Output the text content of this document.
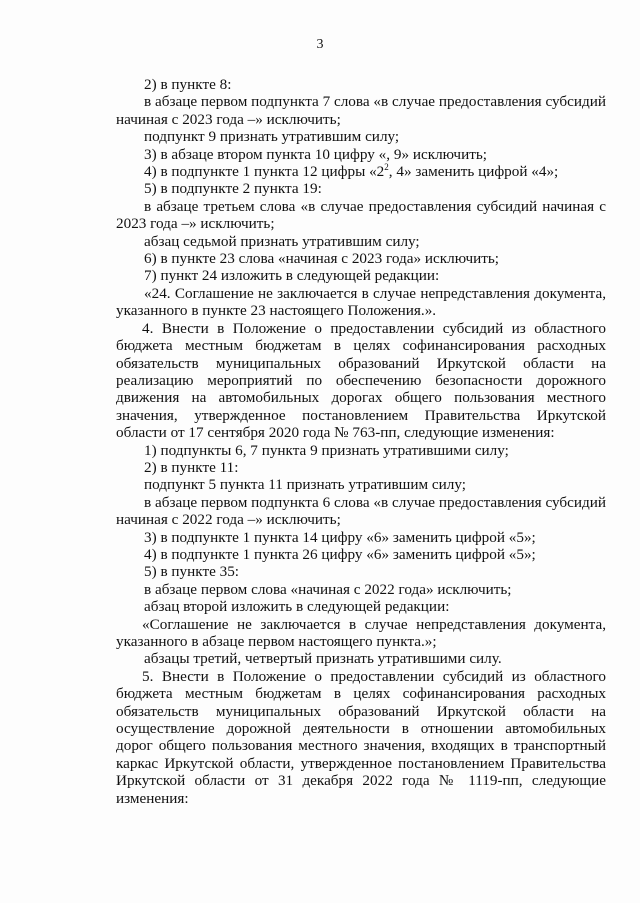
3

2) в пункте 8:

в абзаце первом подпункта 7 слова «в случае предоставления субсидий начиная с 2023 года –» исключить;

подпункт 9 признать утратившим силу;

3) в абзаце втором пункта 10 цифру «, 9» исключить;

4) в подпункте 1 пункта 12 цифры «$2^2$, 4» заменить цифрой «4»;

5) в подпункте 2 пункта 19:

в абзаце третьем слова «в случае предоставления субсидий начиная с 2023 года –» исключить;

абзац седьмой признать утратившим силу;

6) в пункте 23 слова «начиная с 2023 года» исключить;

7) пункт 24 изложить в следующей редакции:

«24. Соглашение не заключается в случае непредставления документа, указанного в пункте 23 настоящего Положения.».

4. Внести в Положение о предоставлении субсидий из областного бюджета местным бюджетам в целях софинансирования расходных обязательств муниципальных образований Иркутской области на реализацию мероприятий по обеспечению безопасности дорожного движения на автомобильных дорогах общего пользования местного значения, утвержденное постановлением Правительства Иркутской области от 17 сентября 2020 года № 763-пп, следующие изменения:

1) подпункты 6, 7 пункта 9 признать утратившими силу;

2) в пункте 11:

подпункт 5 пункта 11 признать утратившим силу;

в абзаце первом подпункта 6 слова «в случае предоставления субсидий начиная с 2022 года –» исключить;

3) в подпункте 1 пункта 14 цифру «6» заменить цифрой «5»;

4) в подпункте 1 пункта 26 цифру «6» заменить цифрой «5»;

5) в пункте 35:

в абзаце первом слова «начиная с 2022 года» исключить;

абзац второй изложить в следующей редакции:

«Соглашение не заключается в случае непредставления документа, указанного в абзаце первом настоящего пункта.»;

абзацы третий, четвертый признать утратившими силу.

5. Внести в Положение о предоставлении субсидий из областного бюджета местным бюджетам в целях софинансирования расходных обязательств муниципальных образований Иркутской области на осуществление дорожной деятельности в отношении автомобильных дорог общего пользования местного значения, входящих в транспортный каркас Иркутской области, утвержденное постановлением Правительства Иркутской области от 31 декабря 2022 года № 1119-пп, следующие изменения:
